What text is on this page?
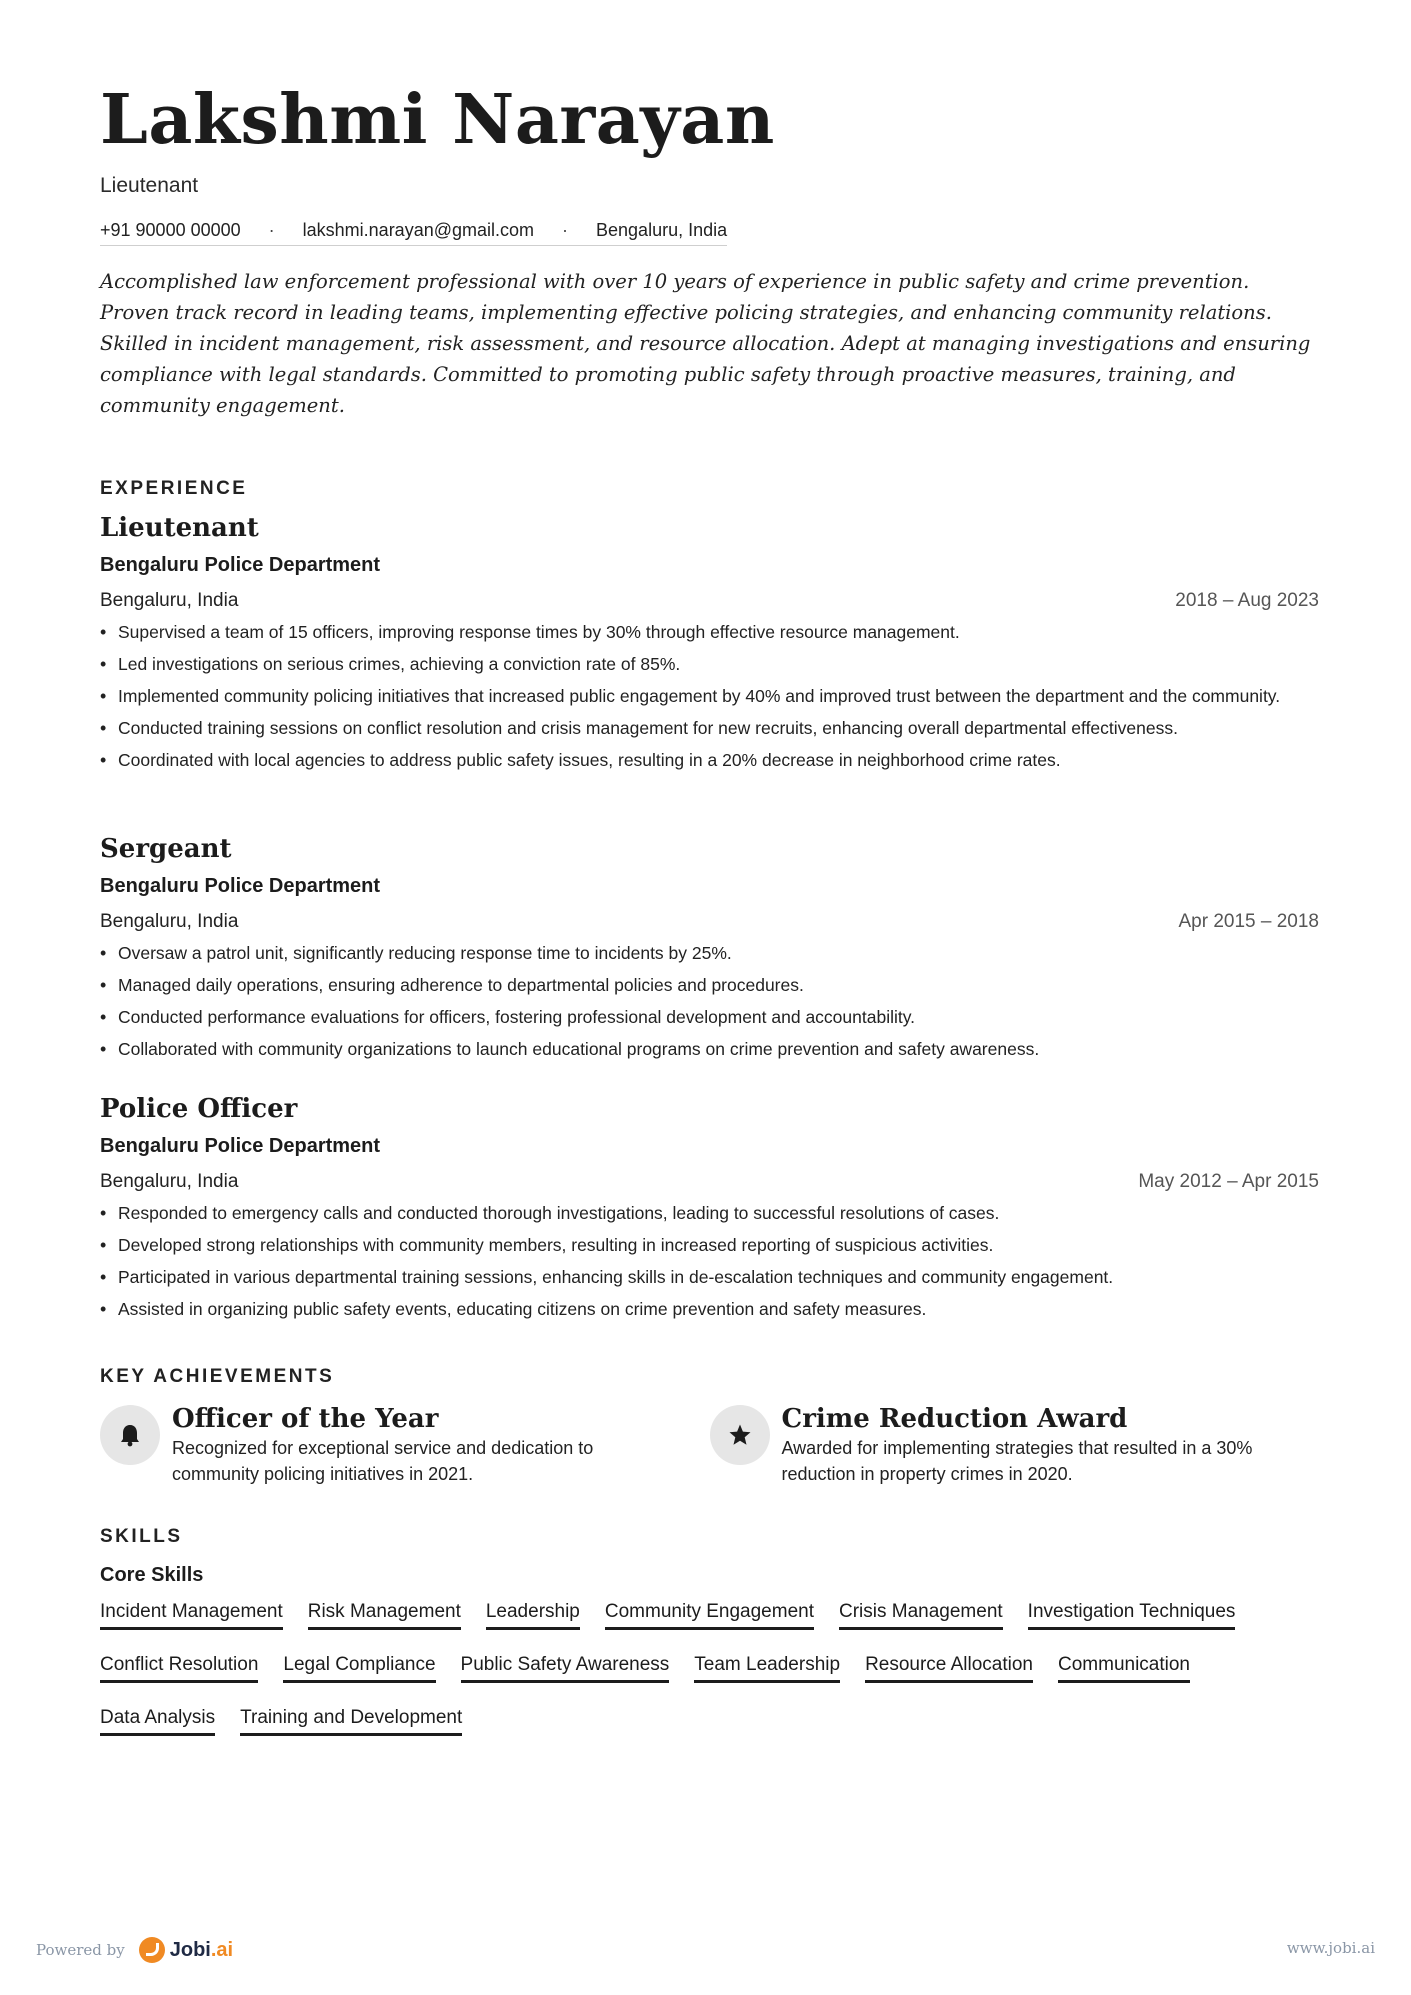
Lakshmi Narayan
Lieutenant
+91 90000 00000 · lakshmi.narayan@gmail.com · Bengaluru, India

Accomplished law enforcement professional with over 10 years of experience in public safety and crime prevention. Proven track record in leading teams, implementing effective policing strategies, and enhancing community relations. Skilled in incident management, risk assessment, and resource allocation. Adept at managing investigations and ensuring compliance with legal standards. Committed to promoting public safety through proactive measures, training, and community engagement.

EXPERIENCE
Lieutenant
Bengaluru Police Department
Bengaluru, India	2018 – Aug 2023
• Supervised a team of 15 officers, improving response times by 30% through effective resource management.
• Led investigations on serious crimes, achieving a conviction rate of 85%.
• Implemented community policing initiatives that increased public engagement by 40% and improved trust between the department and the community.
• Conducted training sessions on conflict resolution and crisis management for new recruits, enhancing overall departmental effectiveness.
• Coordinated with local agencies to address public safety issues, resulting in a 20% decrease in neighborhood crime rates.
Sergeant
Bengaluru Police Department
Bengaluru, India	Apr 2015 – 2018
• Oversaw a patrol unit, significantly reducing response time to incidents by 25%.
• Managed daily operations, ensuring adherence to departmental policies and procedures.
• Conducted performance evaluations for officers, fostering professional development and accountability.
• Collaborated with community organizations to launch educational programs on crime prevention and safety awareness.
Police Officer
Bengaluru Police Department
Bengaluru, India	May 2012 – Apr 2015
• Responded to emergency calls and conducted thorough investigations, leading to successful resolutions of cases.
• Developed strong relationships with community members, resulting in increased reporting of suspicious activities.
• Participated in various departmental training sessions, enhancing skills in de-escalation techniques and community engagement.
• Assisted in organizing public safety events, educating citizens on crime prevention and safety measures.
KEY ACHIEVEMENTS
Officer of the Year
Recognized for exceptional service and dedication to community policing initiatives in 2021.
Crime Reduction Award
Awarded for implementing strategies that resulted in a 30% reduction in property crimes in 2020.
SKILLS
Core Skills
Incident Management Risk Management Leadership Community Engagement Crisis Management Investigation Techniques
Conflict Resolution Legal Compliance Public Safety Awareness Team Leadership Resource Allocation Communication
Data Analysis Training and Development
Powered by Jobi.ai	www.jobi.ai
